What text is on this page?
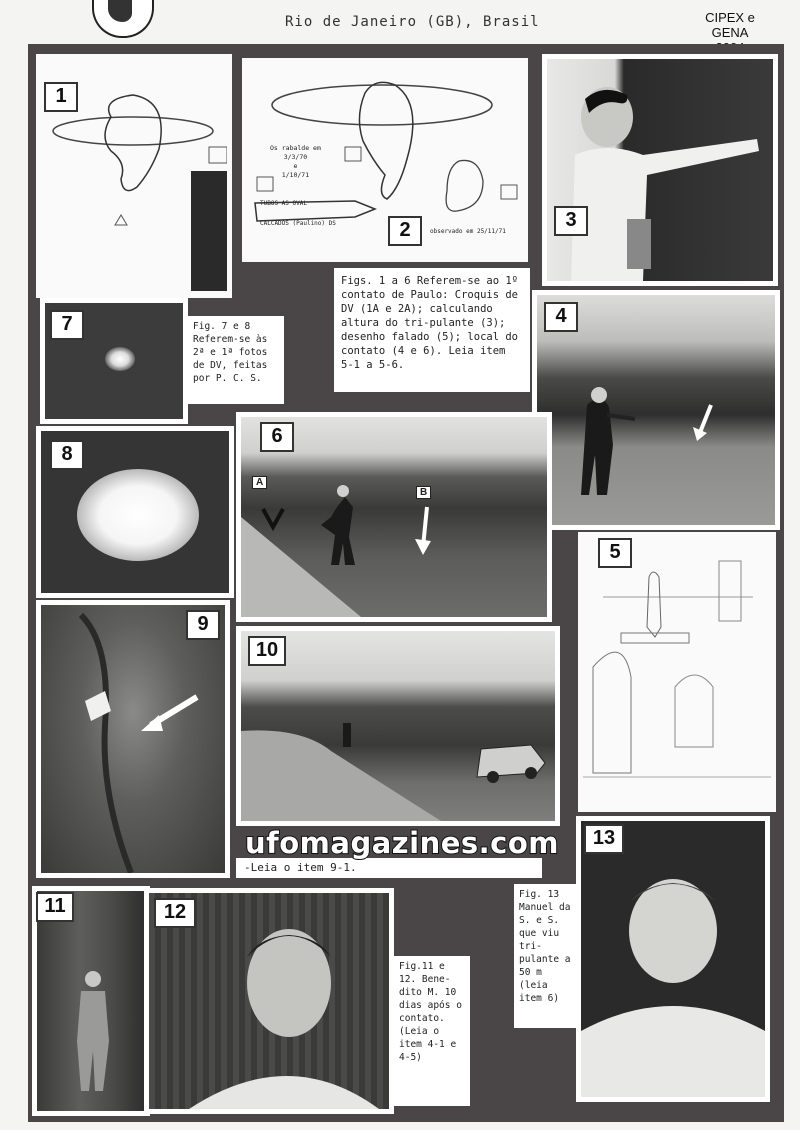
Rio de Janeiro (GB), Brasil	CIPEX e GENA
1
Os rabalde em
3/3/70
e
1/10/71
TUBOS AS OVAL
CALCADOS (Paulino) DS
observado em 25/11/71
2	3
Figs. 1 a 6 Referem-se ao 1º contato de Paulo: Croquis de DV (1A e 2A); calculando altura do tri-pulante (3); desenho falado (5); local do contato (4 e 6). Leia item 5-1 a 5-6.
7	Fig. 7 e 8 Referem-se às 2ª e 1ª fotos de DV, feitas por P. C. S.
4
8
A
B
6
5
9
10
-Leia o item 9-1.
ufomagazines.com	13
Fig. 13 Manuel da S. e S. que viu tri-pulante a 50 m (leia item 6)
11	12
Fig.11 e 12. Bene-dito M. 10 dias após o contato.(Leia o item 4-1 e 4-5)
